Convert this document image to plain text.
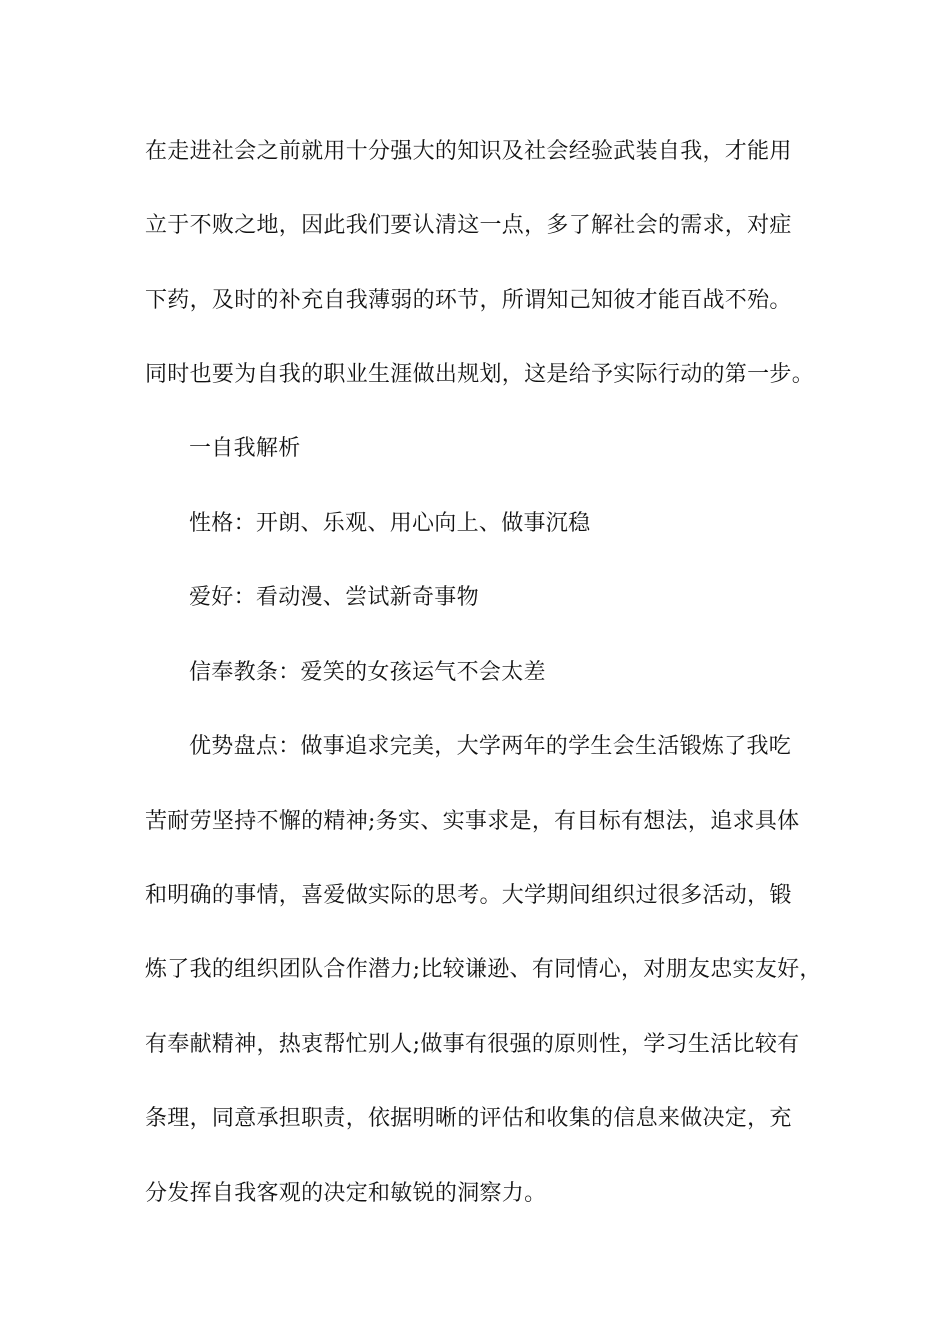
在走进社会之前就用十分强大的知识及社会经验武装自我，才能用
立于不败之地，因此我们要认清这一点，多了解社会的需求，对症
下药，及时的补充自我薄弱的环节，所谓知己知彼才能百战不殆。
同时也要为自我的职业生涯做出规划，这是给予实际行动的第一步。
一自我解析
性格：开朗、乐观、用心向上、做事沉稳
爱好：看动漫、尝试新奇事物
信奉教条：爱笑的女孩运气不会太差
优势盘点：做事追求完美，大学两年的学生会生活锻炼了我吃
苦耐劳坚持不懈的精神;务实、实事求是，有目标有想法，追求具体
和明确的事情，喜爱做实际的思考。大学期间组织过很多活动，锻
炼了我的组织团队合作潜力;比较谦逊、有同情心，对朋友忠实友好，
有奉献精神，热衷帮忙别人;做事有很强的原则性，学习生活比较有
条理，同意承担职责，依据明晰的评估和收集的信息来做决定，充
分发挥自我客观的决定和敏锐的洞察力。
